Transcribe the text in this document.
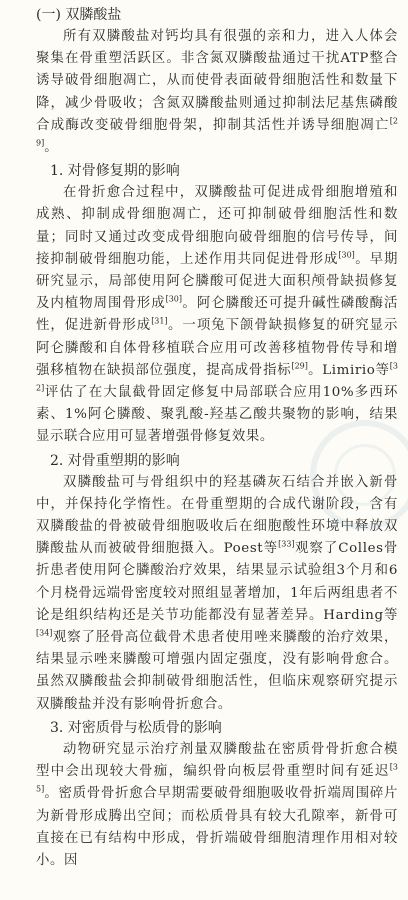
(一) 双膦酸盐

所有双膦酸盐对钙均具有很强的亲和力，进入人体会聚集在骨重塑活跃区。非含氮双膦酸盐通过干扰ATP整合诱导破骨细胞凋亡，从而使骨表面破骨细胞活性和数量下降，减少骨吸收；含氮双膦酸盐则通过抑制法尼基焦磷酸合成酶改变破骨细胞骨架，抑制其活性并诱导细胞凋亡[29]。

1. 对骨修复期的影响

在骨折愈合过程中，双膦酸盐可促进成骨细胞增殖和成熟、抑制成骨细胞凋亡，还可抑制破骨细胞活性和数量；同时又通过改变成骨细胞向破骨细胞的信号传导，间接抑制破骨细胞功能，上述作用共同促进骨形成[30]。早期研究显示，局部使用阿仑膦酸可促进大面积颅骨缺损修复及内植物周围骨形成[30]。阿仑膦酸还可提升碱性磷酸酶活性，促进新骨形成[31]。一项兔下颌骨缺损修复的研究显示阿仑膦酸和自体骨移植联合应用可改善移植物骨传导和增强移植物在缺损部位强度，提高成骨指标[29]。Limirio等[32]评估了在大鼠截骨固定修复中局部联合应用10%多西环素、1%阿仑膦酸、聚乳酸-羟基乙酸共聚物的影响，结果显示联合应用可显著增强骨修复效果。

2. 对骨重塑期的影响

双膦酸盐可与骨组织中的羟基磷灰石结合并嵌入新骨中，并保持化学惰性。在骨重塑期的合成代谢阶段，含有双膦酸盐的骨被破骨细胞吸收后在细胞酸性环境中释放双膦酸盐从而被破骨细胞摄入。Poest等[33]观察了Colles骨折患者使用阿仑膦酸治疗效果，结果显示试验组3个月和6个月桡骨远端骨密度较对照组显著增加，1年后两组患者不论是组织结构还是关节功能都没有显著差异。Harding等[34]观察了胫骨高位截骨术患者使用唑来膦酸的治疗效果，结果显示唑来膦酸可增强内固定强度，没有影响骨愈合。虽然双膦酸盐会抑制破骨细胞活性，但临床观察研究提示双膦酸盐并没有影响骨折愈合。

3. 对密质骨与松质骨的影响

动物研究显示治疗剂量双膦酸盐在密质骨骨折愈合模型中会出现较大骨痂，编织骨向板层骨重塑时间有延迟[35]。密质骨骨折愈合早期需要破骨细胞吸收骨折端周围碎片为新骨形成腾出空间；而松质骨具有较大孔隙率，新骨可直接在已有结构中形成，骨折端破骨细胞清理作用相对较小。因
